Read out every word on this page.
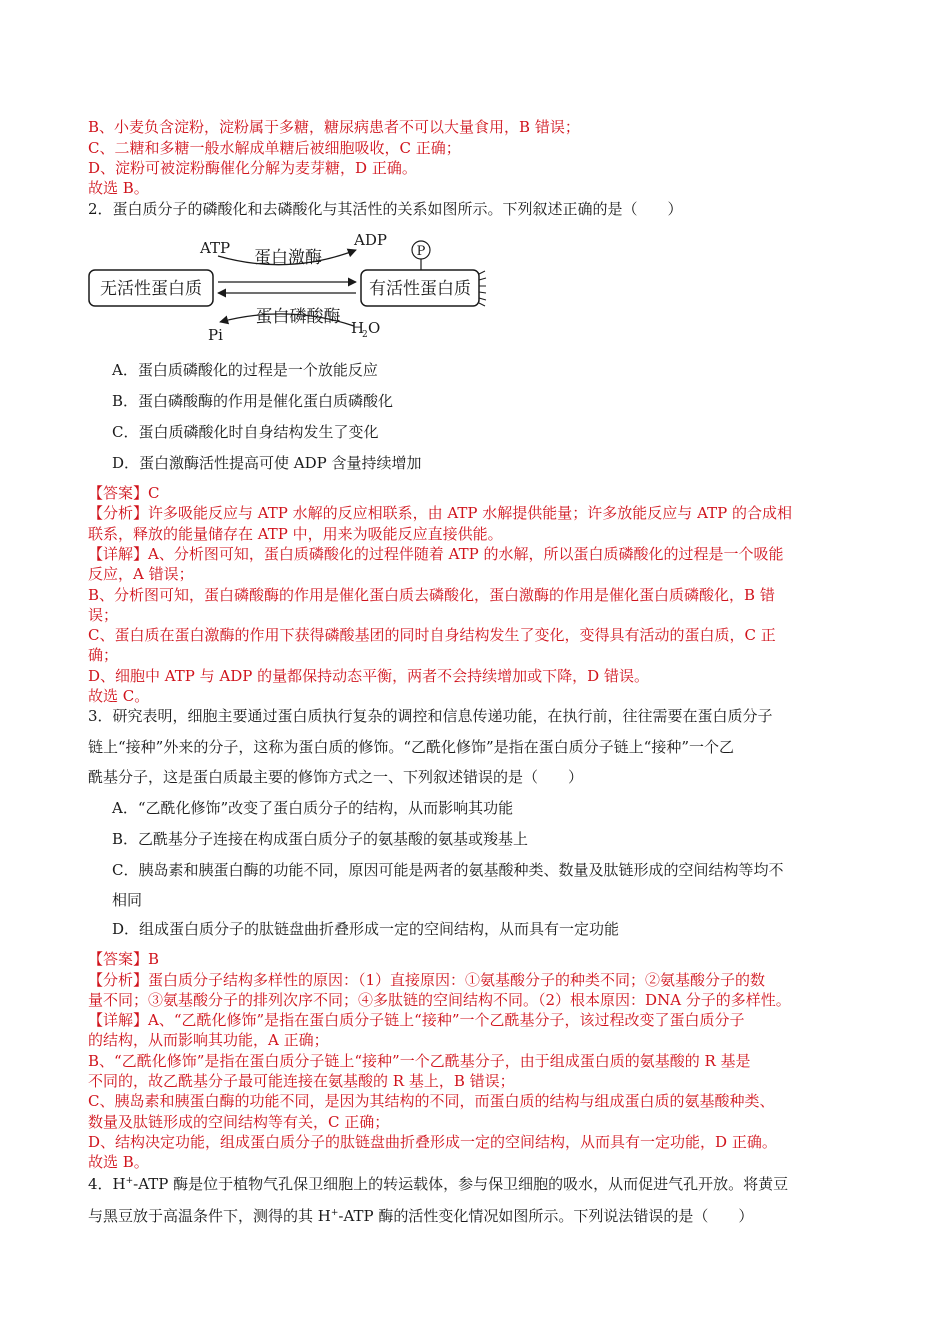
B、小麦负含淀粉，淀粉属于多糖，糖尿病患者不可以大量食用，B 错误；
C、二糖和多糖一般水解成单糖后被细胞吸收，C 正确；
D、淀粉可被淀粉酶催化分解为麦芽糖，D 正确。
故选 B。
2．蛋白质分子的磷酸化和去磷酸化与其活性的关系如图所示。下列叙述正确的是（　　）
无活性蛋白质	有活性蛋白质
P
ATP	ADP
蛋白激酶
Pi	H
2 O
蛋白磷酸酶
A．蛋白质磷酸化的过程是一个放能反应
B．蛋白磷酸酶的作用是催化蛋白质磷酸化
C．蛋白质磷酸化时自身结构发生了变化
D．蛋白激酶活性提高可使 ADP 含量持续增加
【答案】C
【分析】许多吸能反应与 ATP 水解的反应相联系，由 ATP 水解提供能量；许多放能反应与 ATP 的合成相
联系，释放的能量储存在 ATP 中，用来为吸能反应直接供能。
【详解】A、分析图可知，蛋白质磷酸化的过程伴随着 ATP 的水解，所以蛋白质磷酸化的过程是一个吸能
反应，A 错误；
B、分析图可知，蛋白磷酸酶的作用是催化蛋白质去磷酸化，蛋白激酶的作用是催化蛋白质磷酸化，B 错
误；
C、蛋白质在蛋白激酶的作用下获得磷酸基团的同时自身结构发生了变化，变得具有活动的蛋白质，C 正
确；
D、细胞中 ATP 与 ADP 的量都保持动态平衡，两者不会持续增加或下降，D 错误。
故选 C。
3．研究表明，细胞主要通过蛋白质执行复杂的调控和信息传递功能，在执行前，往往需要在蛋白质分子
链上“接种”外来的分子，这称为蛋白质的修饰。“乙酰化修饰”是指在蛋白质分子链上“接种”一个乙
酰基分子，这是蛋白质最主要的修饰方式之一、下列叙述错误的是（　　）
A．“乙酰化修饰”改变了蛋白质分子的结构，从而影响其功能
B．乙酰基分子连接在构成蛋白质分子的氨基酸的氨基或羧基上
C．胰岛素和胰蛋白酶的功能不同，原因可能是两者的氨基酸种类、数量及肽链形成的空间结构等均不
相同
D．组成蛋白质分子的肽链盘曲折叠形成一定的空间结构，从而具有一定功能
【答案】B
【分析】蛋白质分子结构多样性的原因：（1）直接原因：①氨基酸分子的种类不同；②氨基酸分子的数
量不同；③氨基酸分子的排列次序不同；④多肽链的空间结构不同。（2）根本原因：DNA 分子的多样性。
【详解】A、“乙酰化修饰”是指在蛋白质分子链上“接种”一个乙酰基分子，该过程改变了蛋白质分子
的结构，从而影响其功能，A 正确；
B、“乙酰化修饰”是指在蛋白质分子链上“接种”一个乙酰基分子，由于组成蛋白质的氨基酸的 R 基是
不同的，故乙酰基分子最可能连接在氨基酸的 R 基上，B 错误；
C、胰岛素和胰蛋白酶的功能不同，是因为其结构的不同，而蛋白质的结构与组成蛋白质的氨基酸种类、
数量及肽链形成的空间结构等有关，C 正确；
D、结构决定功能，组成蛋白质分子的肽链盘曲折叠形成一定的空间结构，从而具有一定功能，D 正确。
故选 B。
4．H+-ATP 酶是位于植物气孔保卫细胞上的转运载体，参与保卫细胞的吸水，从而促进气孔开放。将黄豆
与黑豆放于高温条件下，测得的其 H+-ATP 酶的活性变化情况如图所示。下列说法错误的是（　　）
